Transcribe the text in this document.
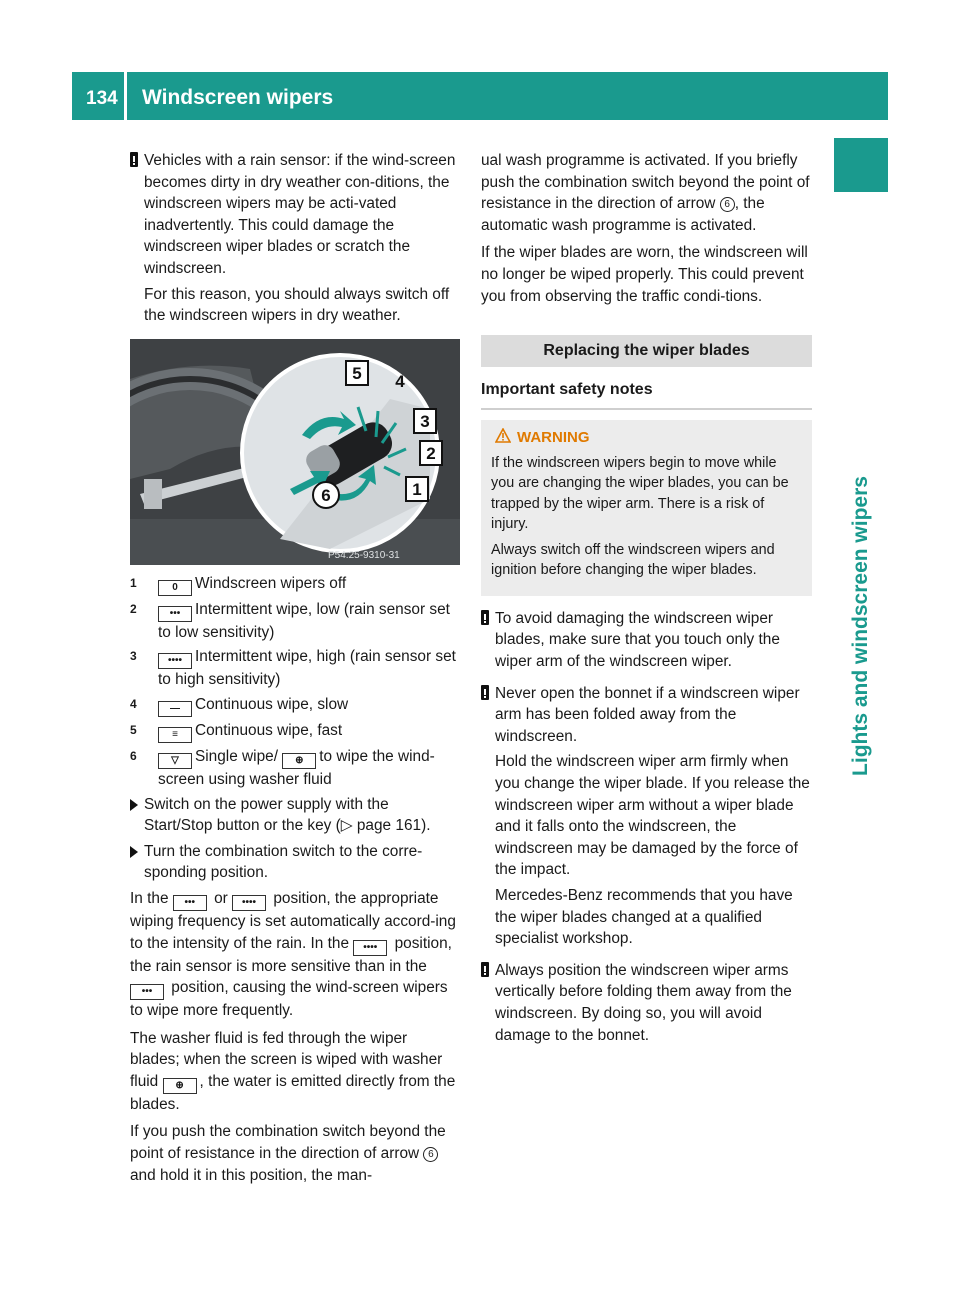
134 Windscreen wipers
Lights and windscreen wipers

Vehicles with a rain sensor: if the wind-screen becomes dirty in dry weather con-ditions, the windscreen wipers may be acti-vated inadvertently. This could damage the windscreen wiper blades or scratch the windscreen.

For this reason, you should always switch off the windscreen wipers in dry weather.

5 4
3
2
1
6
P54.25-9310-31
1	0 Windscreen wipers off
2	••• Intermittent wipe, low (rain sensor set to low sensitivity)
3	•••• Intermittent wipe, high (rain sensor set to high sensitivity)
4	— Continuous wipe, slow
5	≡ Continuous wipe, fast
6	▽ Single wipe/ ⊕ to wipe the wind-screen using washer fluid
Switch on the power supply with the Start/Stop button or the key (▷ page 161).
Turn the combination switch to the corre-sponding position.

In the ••• or •••• position, the appropriate wiping frequency is set automatically accord-ing to the intensity of the rain. In the •••• position, the rain sensor is more sensitive than in the ••• position, causing the wind-screen wipers to wipe more frequently.

The washer fluid is fed through the wiper blades; when the screen is wiped with washer fluid ⊕ , the water is emitted directly from the blades.

If you push the combination switch beyond the point of resistance in the direction of arrow 6 and hold it in this position, the man-

ual wash programme is activated. If you briefly push the combination switch beyond the point of resistance in the direction of arrow 6 , the automatic wash programme is activated.

If the wiper blades are worn, the windscreen will no longer be wiped properly. This could prevent you from observing the traffic condi-tions.

Replacing the wiper blades
Important safety notes
WARNING

If the windscreen wipers begin to move while you are changing the wiper blades, you can be trapped by the wiper arm. There is a risk of injury.

Always switch off the windscreen wipers and ignition before changing the wiper blades.

To avoid damaging the windscreen wiper blades, make sure that you touch only the wiper arm of the windscreen wiper.

Never open the bonnet if a windscreen wiper arm has been folded away from the windscreen.

Hold the windscreen wiper arm firmly when you change the wiper blade. If you release the windscreen wiper arm without a wiper blade and it falls onto the windscreen, the windscreen may be damaged by the force of the impact.

Mercedes-Benz recommends that you have the wiper blades changed at a qualified specialist workshop.

Always position the windscreen wiper arms vertically before folding them away from the windscreen. By doing so, you will avoid damage to the bonnet.
